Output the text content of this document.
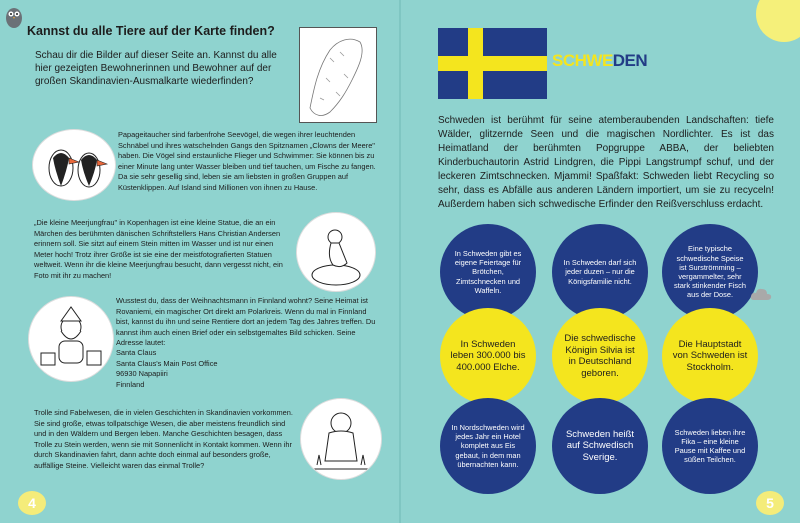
Kannst du alle Tiere auf der Karte finden?
Schau dir die Bilder auf dieser Seite an. Kannst du alle hier gezeigten Bewohnerinnen und Bewohner auf der großen Skandinavien-Ausmalkarte wiederfinden?
Papageitaucher sind farbenfrohe Seevögel, die wegen ihrer leuchtenden Schnäbel und ihres watschelnden Gangs den Spitznamen „Clowns der Meere" haben. Die Vögel sind erstaunliche Flieger und Schwimmer: Sie können bis zu einer Minute lang unter Wasser bleiben und tief tauchen, um Fische zu fangen. Da sie sehr gesellig sind, leben sie am liebsten in großen Gruppen auf Küstenklippen. Auf Island sind Millionen von ihnen zu Hause.
„Die kleine Meerjungfrau" in Kopenhagen ist eine kleine Statue, die an ein Märchen des berühmten dänischen Schriftstellers Hans Christian Andersen erinnern soll. Sie sitzt auf einem Stein mitten im Wasser und ist nur einen Meter hoch! Trotz ihrer Größe ist sie eine der meistfotografierten Statuen weltweit. Wenn ihr die kleine Meerjungfrau besucht, dann vergesst nicht, ein Foto mit ihr zu machen!
Wusstest du, dass der Weihnachtsmann in Finnland wohnt? Seine Heimat ist Rovaniemi, ein magischer Ort direkt am Polarkreis. Wenn du mal in Finnland bist, kannst du ihn und seine Rentiere dort an jedem Tag des Jahres treffen. Du kannst ihm auch einen Brief oder ein selbstgemaltes Bild schicken. Seine Adresse lautet:
Santa Claus
Santa Claus's Main Post Office
96930 Napapiiri
Finnland
Trolle sind Fabelwesen, die in vielen Geschichten in Skandinavien vorkommen. Sie sind große, etwas tollpatschige Wesen, die aber meistens freundlich sind und in den Wäldern und Bergen leben. Manche Geschichten besagen, dass Trolle zu Stein werden, wenn sie mit Sonnenlicht in Kontakt kommen. Wenn ihr durch Skandinavien fahrt, dann achte doch einmal auf besonders große, auffällige Steine. Vielleicht waren das einmal Trolle?
4
SCHWEDEN
Schweden ist berühmt für seine atemberaubenden Landschaften: tiefe Wälder, glitzernde Seen und die magischen Nordlichter. Es ist das Heimatland der berühmten Popgruppe ABBA, der beliebten Kinderbuchautorin Astrid Lindgren, die Pippi Langstrumpf schuf, und der leckeren Zimtschnecken. Mjammi! Spaßfakt: Schweden liebt Recycling so sehr, dass es Abfälle aus anderen Ländern importiert, um sie zu recyceln! Außerdem haben sich schwedische Erfinder den Reißverschluss erdacht.
In Schweden gibt es eigene Feiertage für Brötchen, Zimtschnecken und Waffeln.
In Schweden darf sich jeder duzen – nur die Königsfamilie nicht.
Eine typische schwedische Speise ist Surströmming – vergammelter, sehr stark stinkender Fisch aus der Dose.
In Schweden leben 300.000 bis 400.000 Elche.
Die schwedische Königin Silvia ist in Deutschland geboren.
Die Hauptstadt von Schweden ist Stockholm.
In Nordschweden wird jedes Jahr ein Hotel komplett aus Eis gebaut, in dem man übernachten kann.
Schweden heißt auf Schwedisch Sverige.
Schweden lieben ihre Fika – eine kleine Pause mit Kaffee und süßen Teilchen.
5
